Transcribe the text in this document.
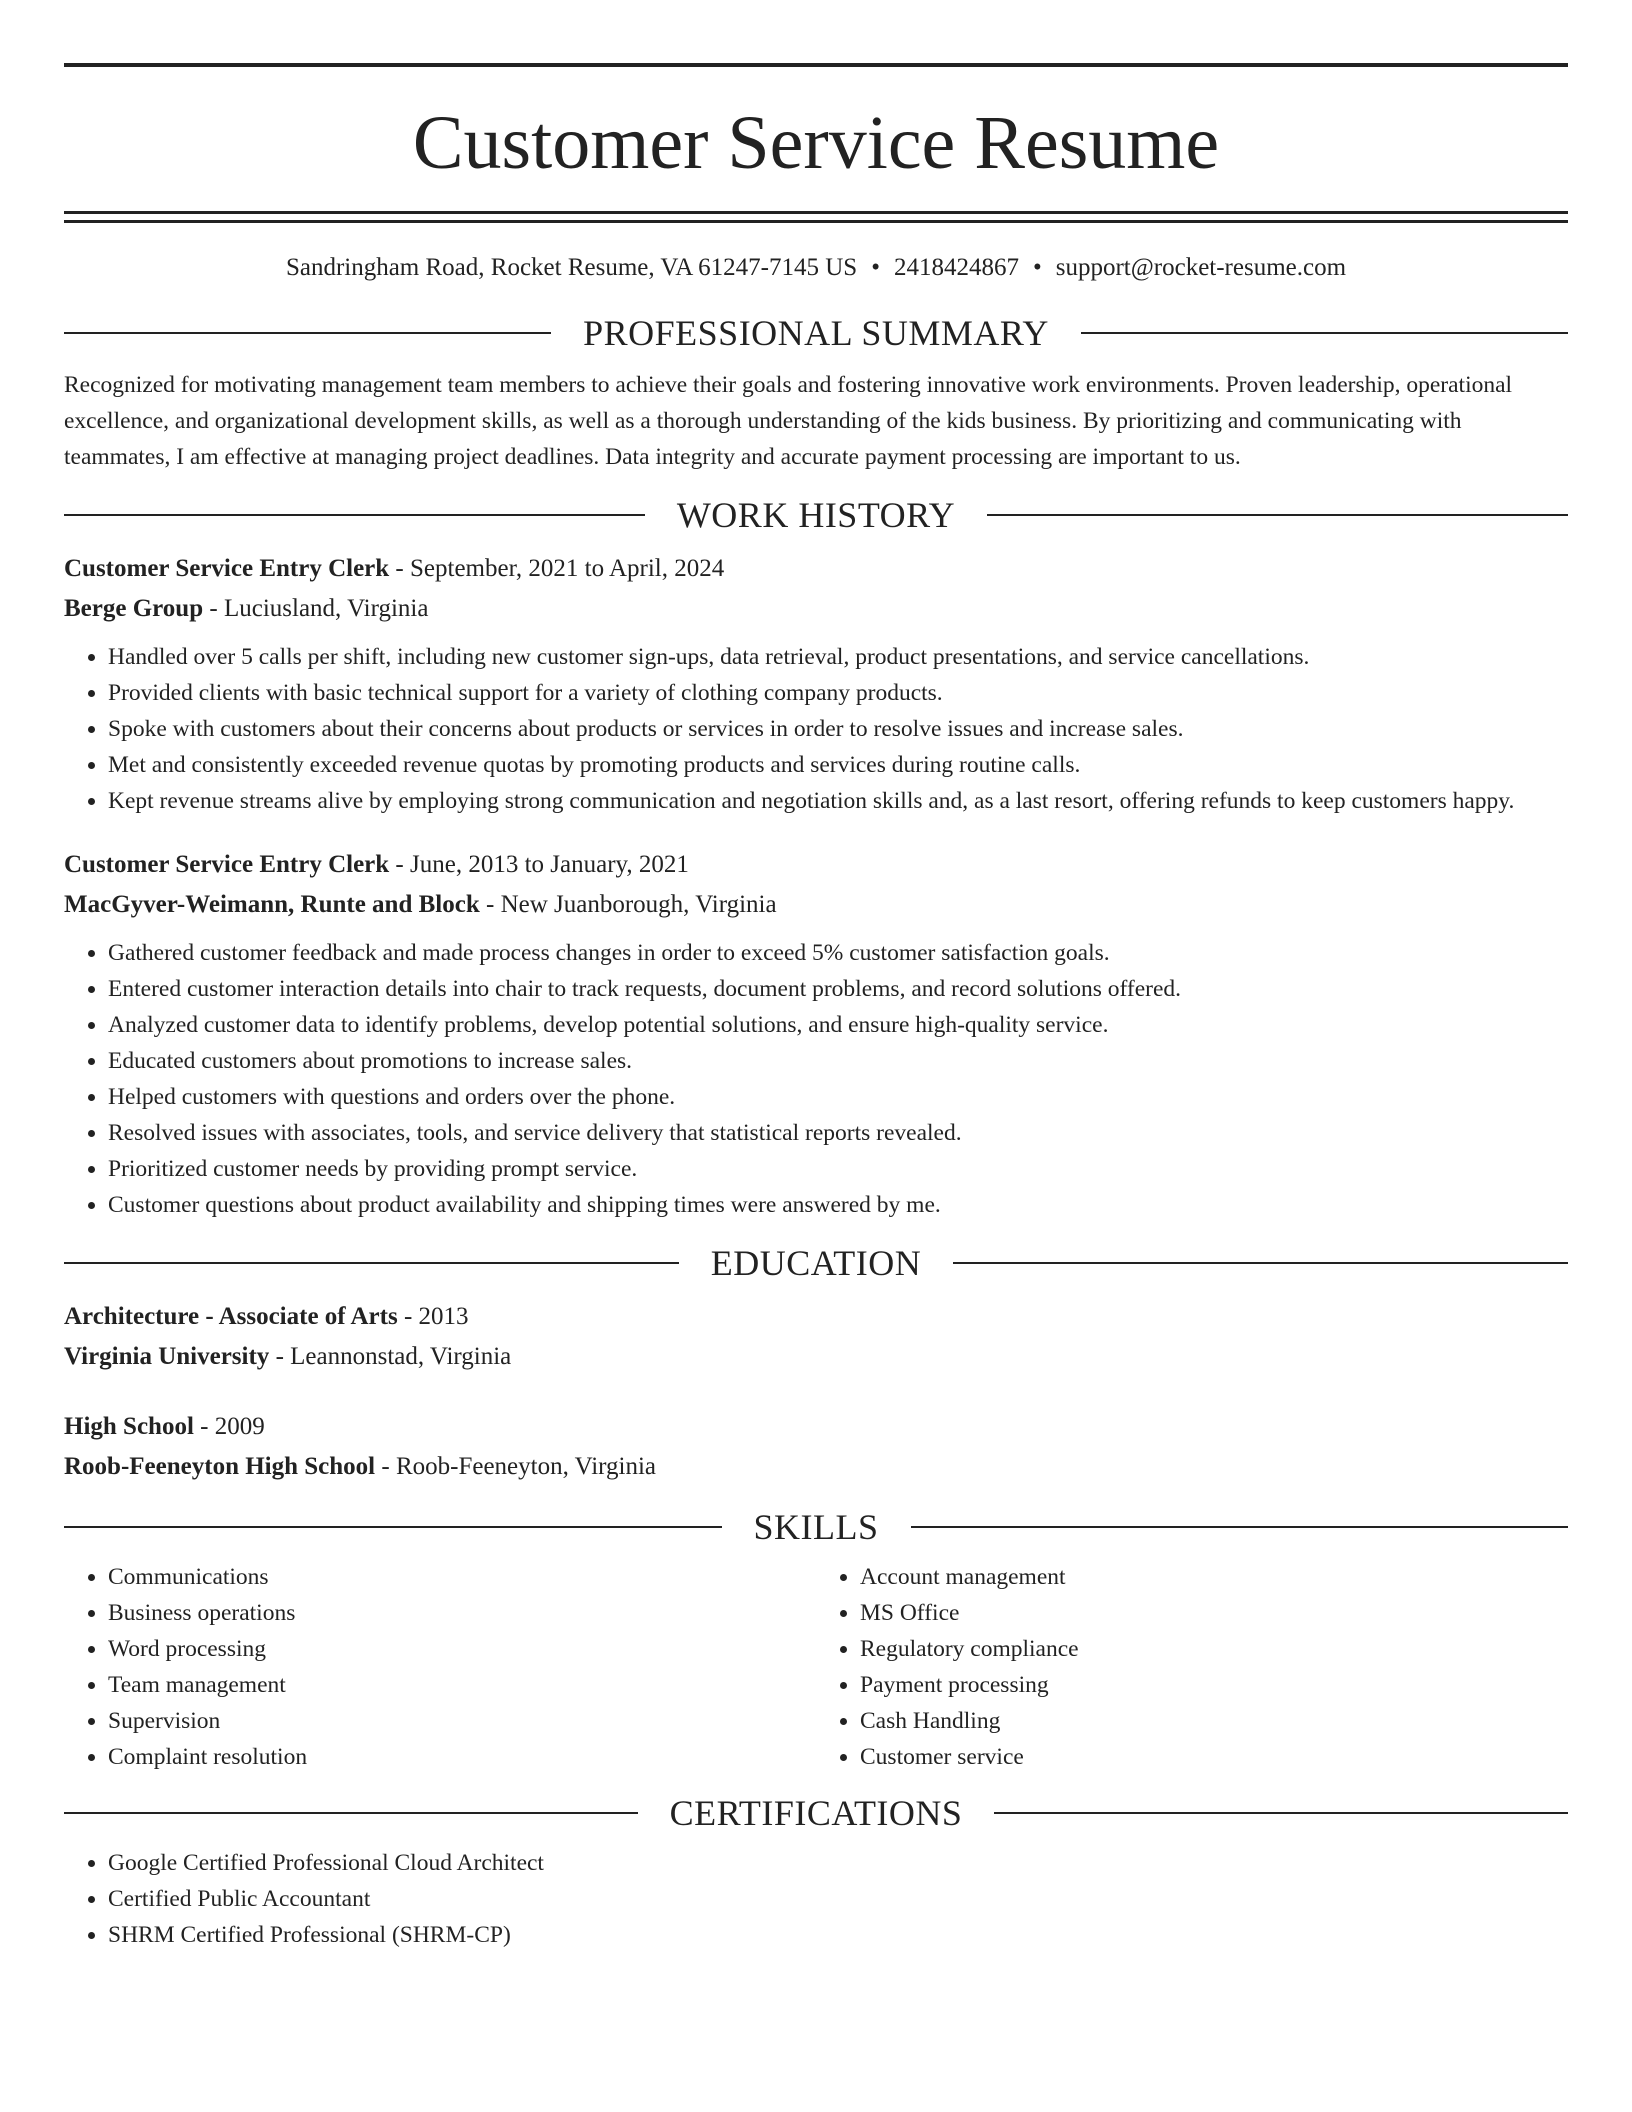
Customer Service Resume
Sandringham Road, Rocket Resume, VA 61247-7145 US • 2418424867 • support@rocket-resume.com
PROFESSIONAL SUMMARY
Recognized for motivating management team members to achieve their goals and fostering innovative work environments. Proven leadership, operational excellence, and organizational development skills, as well as a thorough understanding of the kids business. By prioritizing and communicating with teammates, I am effective at managing project deadlines. Data integrity and accurate payment processing are important to us.
WORK HISTORY
Customer Service Entry Clerk - September, 2021 to April, 2024
Berge Group - Luciusland, Virginia
• Handled over 5 calls per shift, including new customer sign-ups, data retrieval, product presentations, and service cancellations.
• Provided clients with basic technical support for a variety of clothing company products.
• Spoke with customers about their concerns about products or services in order to resolve issues and increase sales.
• Met and consistently exceeded revenue quotas by promoting products and services during routine calls.
• Kept revenue streams alive by employing strong communication and negotiation skills and, as a last resort, offering refunds to keep customers happy.
Customer Service Entry Clerk - June, 2013 to January, 2021
MacGyver-Weimann, Runte and Block - New Juanborough, Virginia
• Gathered customer feedback and made process changes in order to exceed 5% customer satisfaction goals.
• Entered customer interaction details into chair to track requests, document problems, and record solutions offered.
• Analyzed customer data to identify problems, develop potential solutions, and ensure high-quality service.
• Educated customers about promotions to increase sales.
• Helped customers with questions and orders over the phone.
• Resolved issues with associates, tools, and service delivery that statistical reports revealed.
• Prioritized customer needs by providing prompt service.
• Customer questions about product availability and shipping times were answered by me.
EDUCATION
Architecture - Associate of Arts - 2013
Virginia University - Leannonstad, Virginia
High School - 2009
Roob-Feeneyton High School - Roob-Feeneyton, Virginia
SKILLS
• Communications
• Business operations
• Word processing
• Team management
• Supervision
• Complaint resolution
• Account management
• MS Office
• Regulatory compliance
• Payment processing
• Cash Handling
• Customer service
CERTIFICATIONS
• Google Certified Professional Cloud Architect
• Certified Public Accountant
• SHRM Certified Professional (SHRM-CP)
